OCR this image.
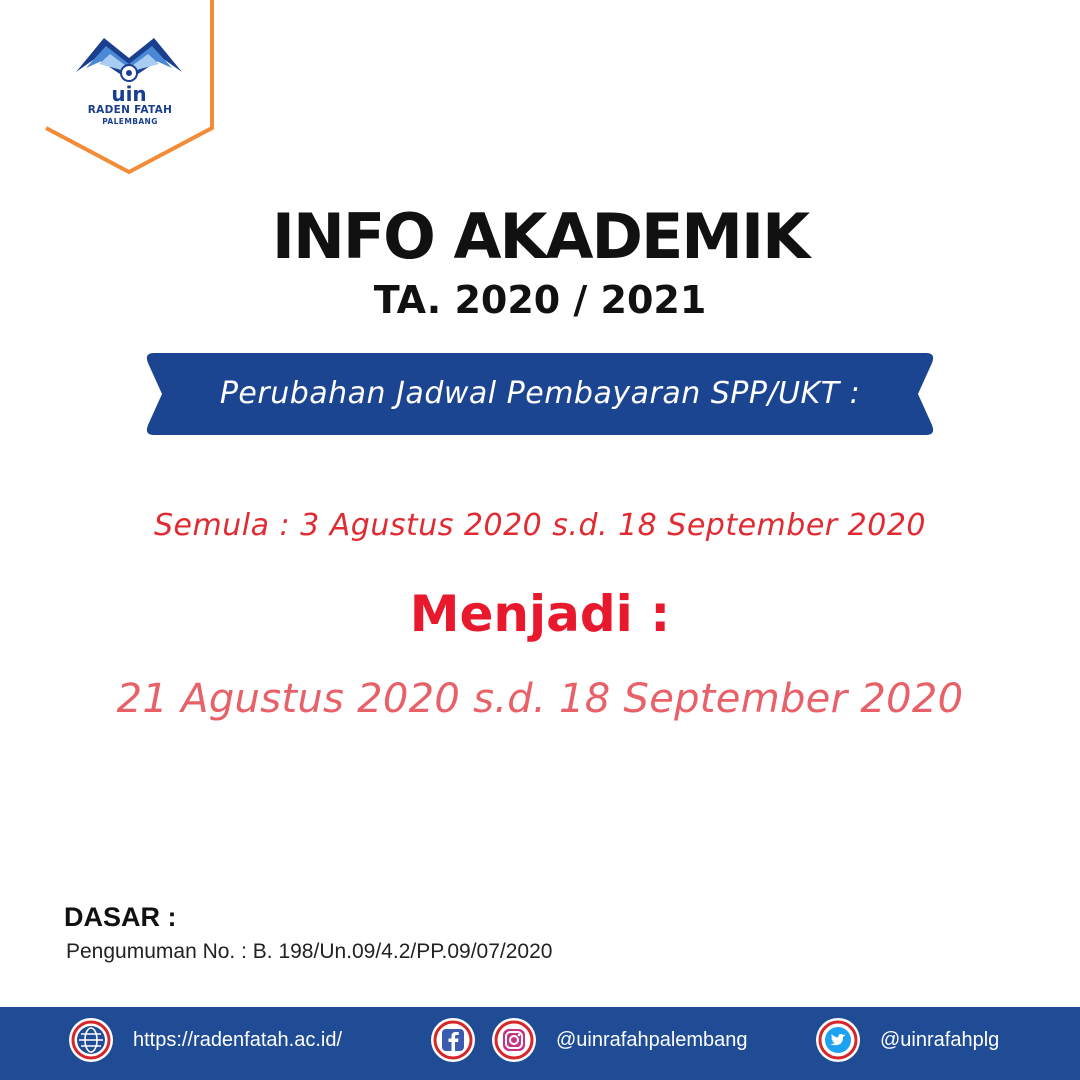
uin
RADEN FATAH
PALEMBANG
INFO AKADEMIK
TA. 2020 / 2021
Perubahan Jadwal Pembayaran SPP/UKT :
Semula : 3 Agustus 2020 s.d. 18 September 2020
Menjadi :
21 Agustus 2020 s.d. 18 September 2020
DASAR :
Pengumuman No. : B. 198/Un.09/4.2/PP.09/07/2020
https://radenfatah.ac.id/	@uinrafahpalembang	@uinrafahplg
